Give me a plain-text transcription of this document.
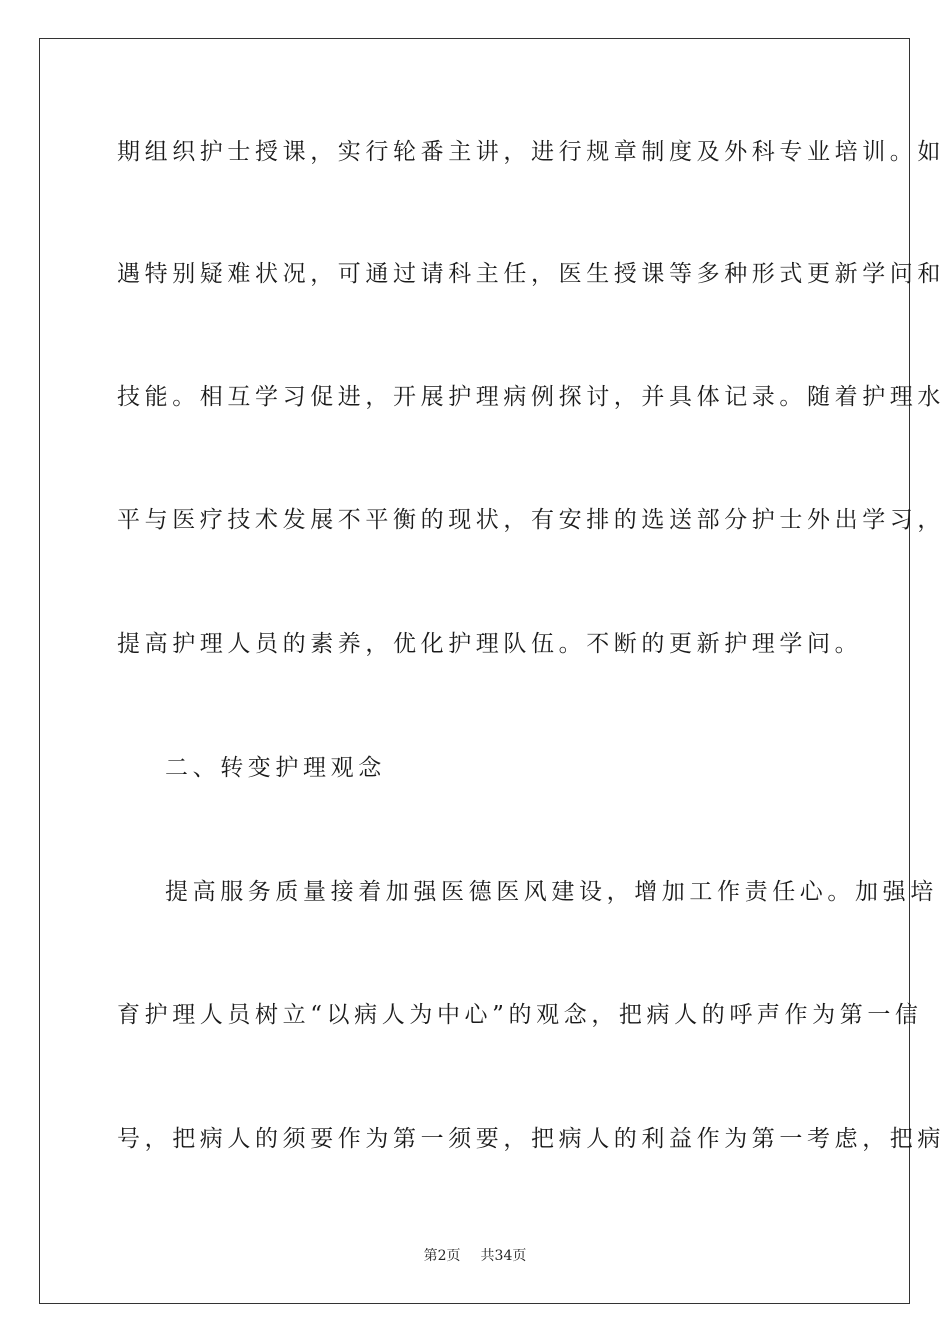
期组织护士授课，实行轮番主讲，进行规章制度及外科专业培训。如
遇特别疑难状况，可通过请科主任，医生授课等多种形式更新学问和
技能。相互学习促进，开展护理病例探讨，并具体记录。随着护理水
平与医疗技术发展不平衡的现状，有安排的选送部分护士外出学习，
提高护理人员的素养，优化护理队伍。不断的更新护理学问。
二、转变护理观念
提高服务质量接着加强医德医风建设，增加工作责任心。加强培
育护理人员树立“以病人为中心”的观念，把病人的呼声作为第一信
号，把病人的须要作为第一须要，把病人的利益作为第一考虑，把病
第2页 共34页
